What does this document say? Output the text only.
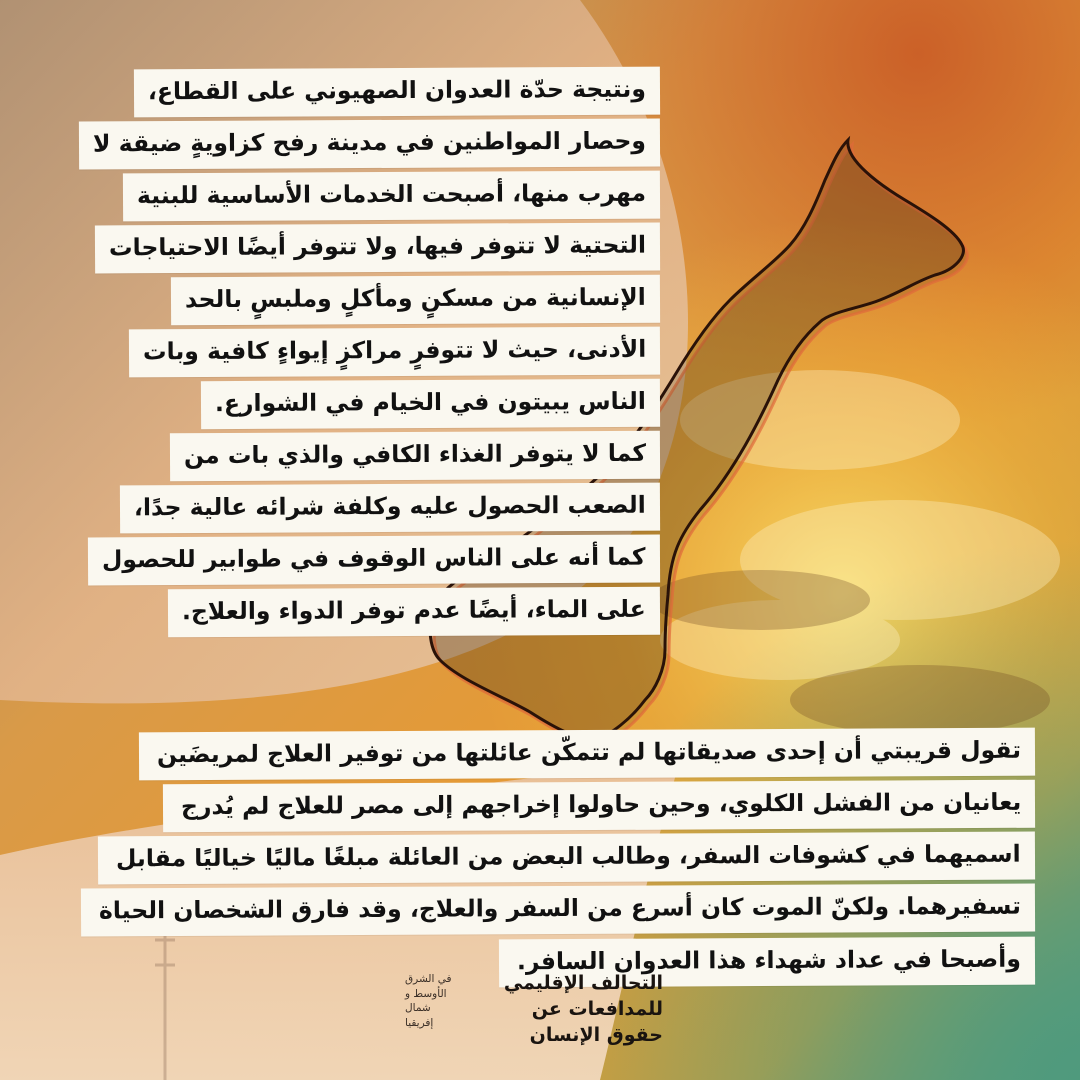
ونتيجة حدّة العدوان الصهيوني على القطاع،
وحصار المواطنين في مدينة رفح كزاويةٍ ضيقة لا
مهرب منها، أصبحت الخدمات الأساسية للبنية
التحتية لا تتوفر فيها، ولا تتوفر أيضًا الاحتياجات
الإنسانية من مسكنٍ ومأكلٍ وملبسٍ بالحد
الأدنى، حيث لا تتوفرٍ مراكزٍ إيواءٍ كافية وبات
الناس يبيتون في الخيام في الشوارع.
كما لا يتوفر الغذاء الكافي والذي بات من
الصعب الحصول عليه وكلفة شرائه عالية جدًا،
كما أنه على الناس الوقوف في طوابير للحصول
على الماء، أيضًا عدم توفر الدواء والعلاج.
تقول قريبتي أن إحدى صديقاتها لم تتمكّن عائلتها من توفير العلاج لمريضَين
يعانيان من الفشل الكلوي، وحين حاولوا إخراجهم إلى مصر للعلاج لم يُدرج
اسميهما في كشوفات السفر، وطالب البعض من العائلة مبلغًا ماليًا خياليًا مقابل
تسفيرهما. ولكنّ الموت كان أسرع من السفر والعلاج، وقد فارق الشخصان الحياة
وأصبحا في عداد شهداء هذا العدوان السافر.
التحالف الإقليمي
للمدافعات عن
حقوق الإنسان
في الشرق
الأوسط و
شمال
إفريقيا
